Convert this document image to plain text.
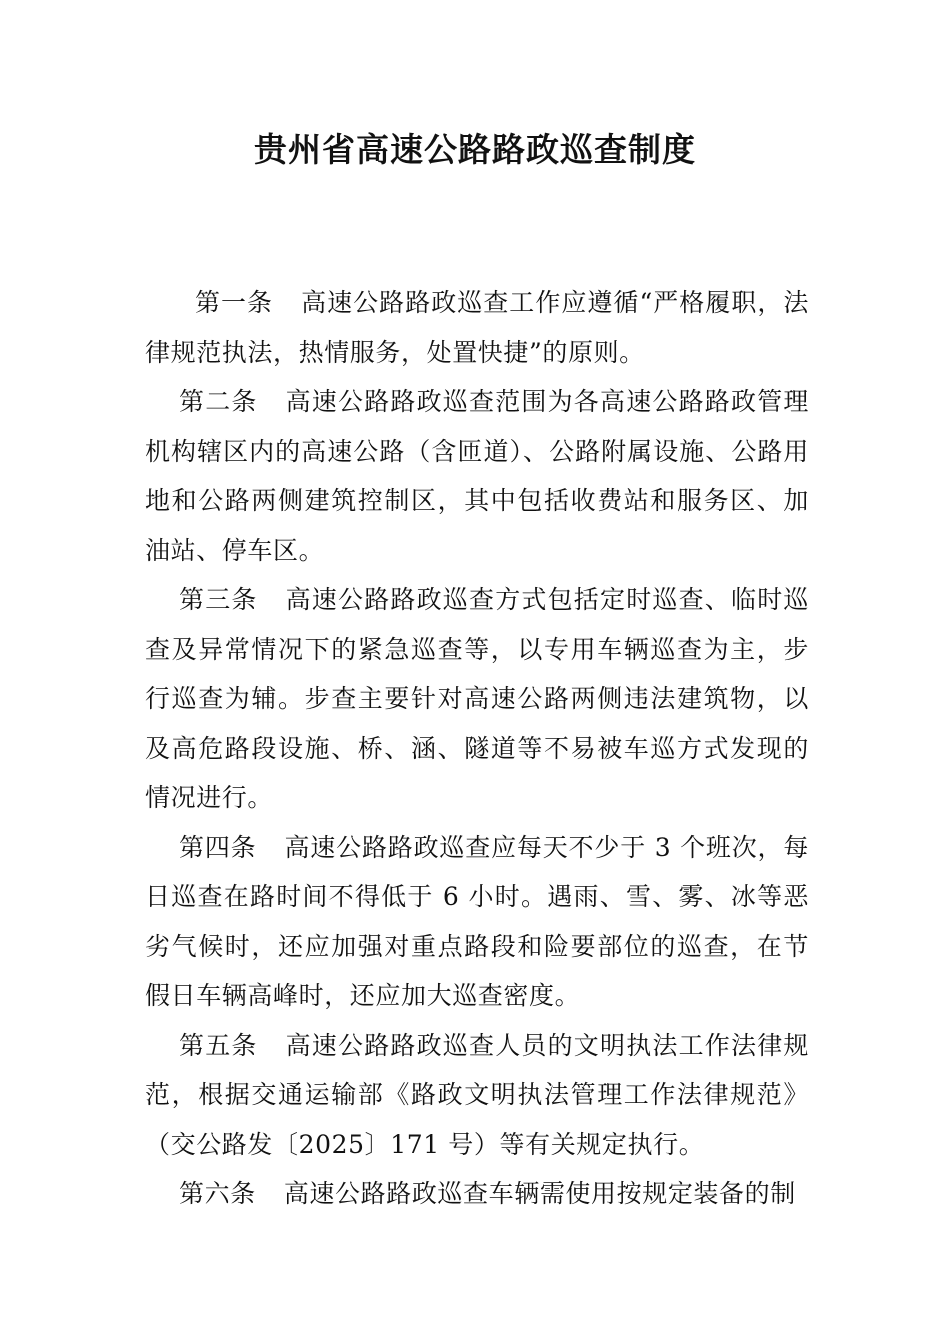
贵州省高速公路路政巡查制度

第一条 高速公路路政巡查工作应遵循“严格履职，法律规范执法，热情服务，处置快捷”的原则。

第二条 高速公路路政巡查范围为各高速公路路政管理机构辖区内的高速公路（含匝道）、公路附属设施、公路用地和公路两侧建筑控制区，其中包括收费站和服务区、加油站、停车区。

第三条 高速公路路政巡查方式包括定时巡查、临时巡查及异常情况下的紧急巡查等，以专用车辆巡查为主，步行巡查为辅。步查主要针对高速公路两侧违法建筑物，以及高危路段设施、桥、涵、隧道等不易被车巡方式发现的情况进行。

第四条 高速公路路政巡查应每天不少于 3 个班次，每日巡查在路时间不得低于 6 小时。遇雨、雪、雾、冰等恶劣气候时，还应加强对重点路段和险要部位的巡查，在节假日车辆高峰时，还应加大巡查密度。

第五条 高速公路路政巡查人员的文明执法工作法律规范，根据交通运输部《路政文明执法管理工作法律规范》（交公路发〔2025〕171 号）等有关规定执行。

第六条 高速公路路政巡查车辆需使用按规定装备的制
